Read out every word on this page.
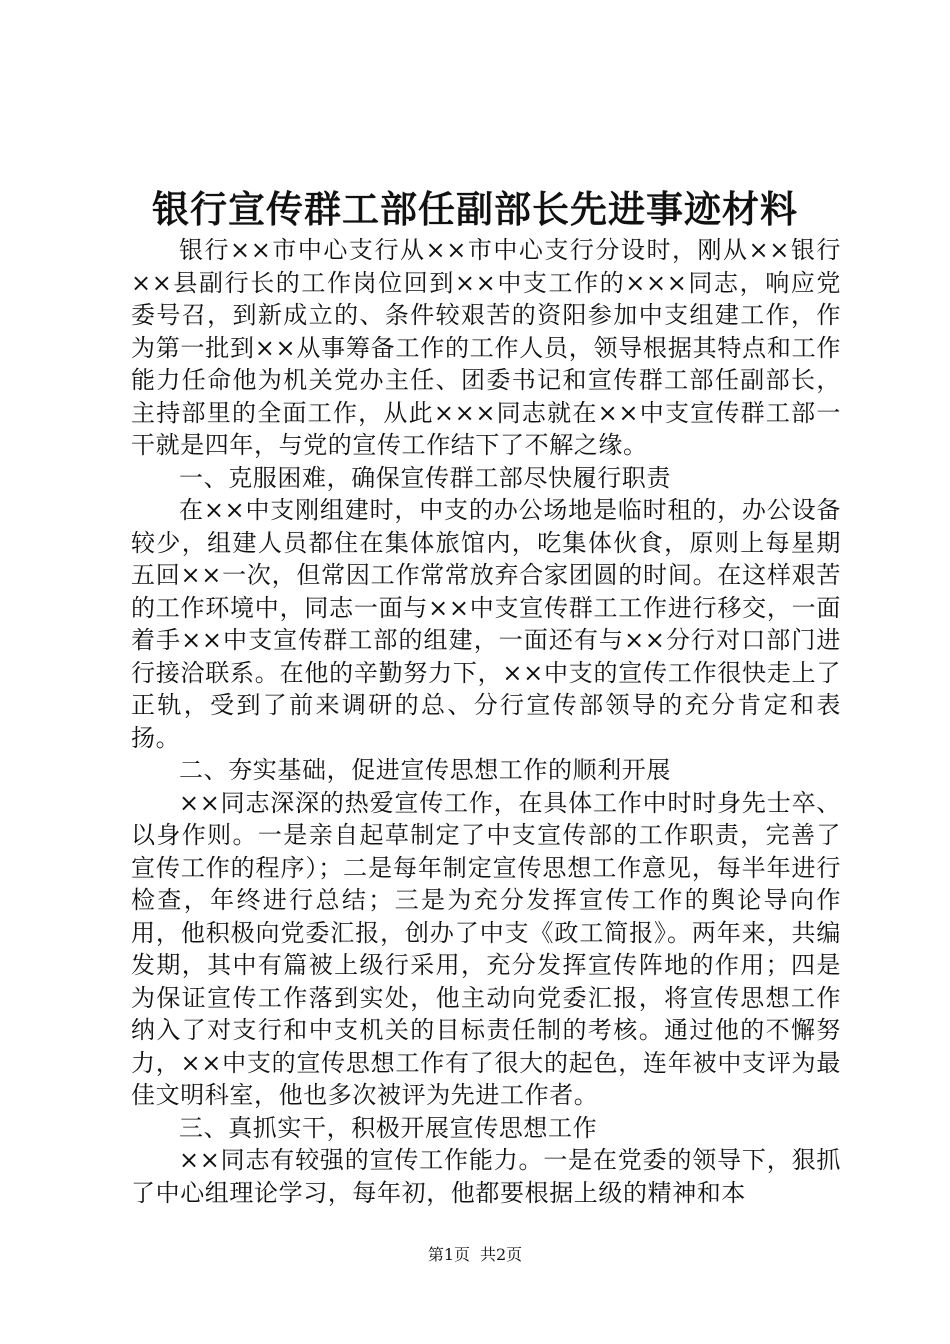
银行宣传群工部任副部长先进事迹材料

银行××市中心支行从××市中心支行分设时，刚从××银行××县副行长的工作岗位回到××中支工作的×××同志，响应党委号召，到新成立的、条件较艰苦的资阳参加中支组建工作，作为第一批到××从事筹备工作的工作人员，领导根据其特点和工作能力任命他为机关党办主任、团委书记和宣传群工部任副部长，主持部里的全面工作，从此×××同志就在××中支宣传群工部一干就是四年，与党的宣传工作结下了不解之缘。

一、克服困难，确保宣传群工部尽快履行职责

在××中支刚组建时，中支的办公场地是临时租的，办公设备较少，组建人员都住在集体旅馆内，吃集体伙食，原则上每星期五回××一次，但常因工作常常放弃合家团圆的时间。在这样艰苦的工作环境中，同志一面与××中支宣传群工工作进行移交，一面着手××中支宣传群工部的组建，一面还有与××分行对口部门进行接洽联系。在他的辛勤努力下，××中支的宣传工作很快走上了正轨，受到了前来调研的总、分行宣传部领导的充分肯定和表扬。

二、夯实基础，促进宣传思想工作的顺利开展

××同志深深的热爱宣传工作，在具体工作中时时身先士卒、以身作则。一是亲自起草制定了中支宣传部的工作职责，完善了宣传工作的程序）；二是每年制定宣传思想工作意见，每半年进行检查，年终进行总结；三是为充分发挥宣传工作的舆论导向作用，他积极向党委汇报，创办了中支《政工简报》。两年来，共编发期，其中有篇被上级行采用，充分发挥宣传阵地的作用；四是为保证宣传工作落到实处，他主动向党委汇报，将宣传思想工作纳入了对支行和中支机关的目标责任制的考核。通过他的不懈努力，××中支的宣传思想工作有了很大的起色，连年被中支评为最佳文明科室，他也多次被评为先进工作者。

三、真抓实干，积极开展宣传思想工作

××同志有较强的宣传工作能力。一是在党委的领导下，狠抓了中心组理论学习，每年初，他都要根据上级的精神和本

第1页 共2页
